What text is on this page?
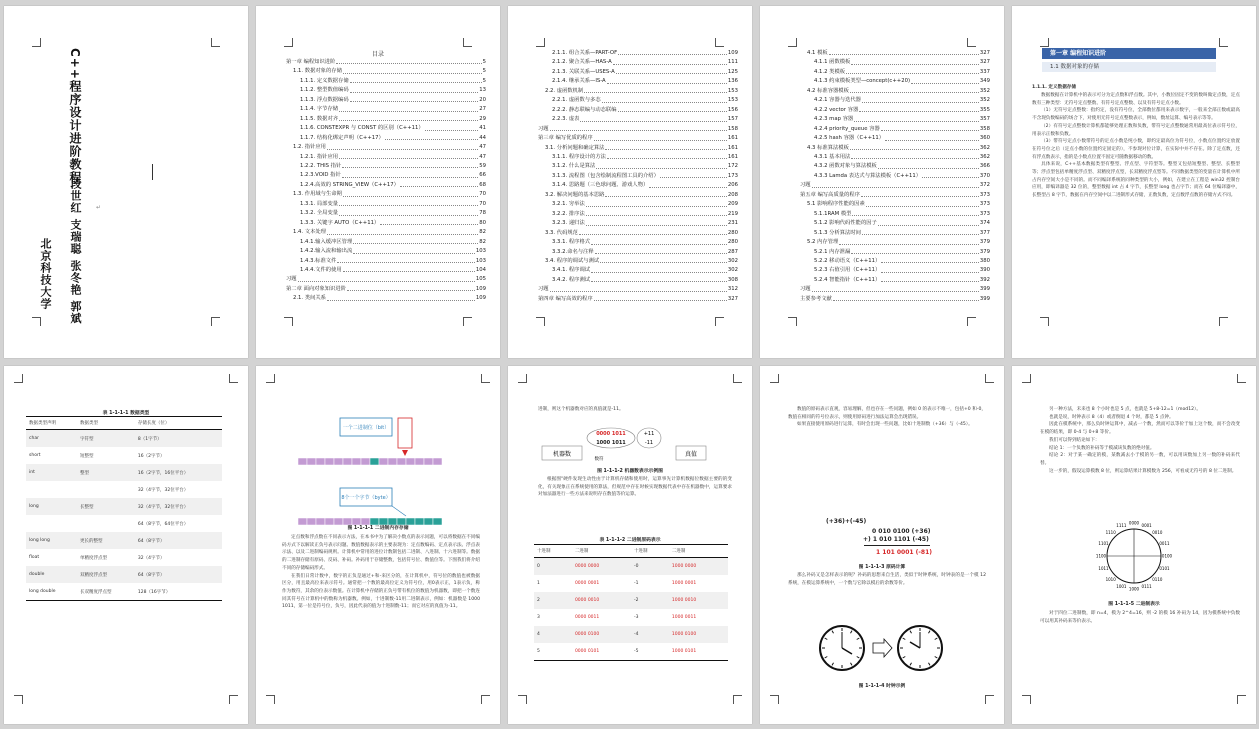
C++程序设计进阶教程
段世红 支瑞聪 张冬艳 郭斌
北京科技大学
↵
目录
第一章 编程知识进阶	5
1.1. 数据对象的存储	5
1.1.1. 定义数据存储	5
1.1.2. 整型数值编码	13
1.1.3. 浮点数据编码	20
1.1.4. 字节存储	27
1.1.5. 数据对齐	29
1.1.6. CONSTEXPR 与 CONST 的区别（C++11）	41
1.1.7. 结构化绑定声明（C++17）	44
1.2. 指针应用	47
1.2.1. 指针应用	47
1.2.2. THIS 指针	59
1.2.3.VOID 指针	66
1.2.4.高效的 STRING_VIEW（C++17）	68
1.3. 作用域与生命期	70
1.3.1. 局部变量	70
1.3.2. 全局变量	78
1.3.3. 关键字 AUTO（C++11）	80
1.4. 文本处理	82
1.4.1.输入缓冲区管理	82
1.4.2.输入流和输出流	103
1.4.3.标准文件	103
1.4.4.文件的使用	104
习题	105
第二章 面向对象知识进阶	109
2.1. 类间关系	109
2.1.1. 组合关系—PART-OF	109
2.1.2. 聚合关系—HAS-A	111
2.1.3. 关联关系—USES-A	125
2.1.4. 继承关系—IS-A	136
2.2. 虚函数机制	153
2.2.1. 虚函数与多态	153
2.2.2. 静态联编与动态联编	156
2.2.3. 虚表	157
习题	158
第三章 编写优质的程序	161
3.1. 分析问题和确定算法	161
3.1.1. 程序设计的方法	161
3.1.2. 什么是算法	172
3.1.3. 流程图（包含绘制流程图工具的介绍）	173
3.1.4. 思路题（三色球问题、游戏人物）	206
3.2. 解决问题的基本思路	208
3.2.1. 穷举法	209
3.2.2. 排序法	219
3.2.3. 递归法	231
3.3. 代码规范	280
3.3.1. 程序格式	280
3.3.2.命名与注释	287
3.4. 程序的调试与测试	302
3.4.1. 程序调试	302
3.4.2. 程序测试	308
习题	312
第四章 编写高效的程序	327
4.1 模板	327
4.1.1 函数模板	327
4.1.2 类模板	337
4.1.3 约束模板类型—concept(c++20)	349
4.2 标准容器模板	352
4.2.1 容器与迭代器	352
4.2.2 vector 容器	355
4.2.3 map 容器	357
4.2.4 priority_queue 容器	358
4.2.5 hash 容器（C++11）	360
4.3 标准算法模板	362
4.3.1 基本用法	362
4.3.2 函数对象与算法模板	366
4.3.3 Lamda 表达式与算法模板（C++11）	370
习题	372
第五章 编写高质量的程序	373
5.1 影响程序性能的因素	373
5.1.1RAM 模型	373
5.1.2 影响代码性能的因子	374
5.1.3 分析算法时间	377
5.2 内存管理	379
5.2.1 内存泄漏	379
5.2.2 移动语义（C++11）	380
5.2.3 右值引用（C++11）	390
5.2.4 智能指针（C++11）	392
习题	399
主要参考文献	399
第一章 编程知识进阶
1.1 数据对象的存储
1.1.1. 定义数据存储

数据数据在计算机中的表示可分为定点数和浮点数。其中，小数位固定不变的数叫做定点数，定点数有三种类型：无符号定点整数、有符号定点整数、以及有符号定点小数。

（1）无符号定点整数：指约定，没有符号位，全部数位都用来表示数字，一般来全部正数或最高不含现负数编码的场合下，对使用无符号定点整数表示，例如，数址运算、编号表示等等。

（2）有符号定点整数计算机都能够处理正数和负数，带符号定点整数通常用最高位表示符号位，用表示正数和负数。

（3）带符号定点小数带符号的定点小数是纯小数，即约定最高位为符号位，小数点位置约定放置在符号位之后（定点小数的位置约定固定的），不参现对位计算，在实际中并不存在。除了定点数，还有浮点数表示，指的是小数点位置不固定可随数据移动的数。

具体来说，C++基本数据类型有整型、浮点型、字符型等。整型又包括短整型、整型、长整型等；浮点型包括单精度浮点型、双精度浮点型，长双精度浮点型等。不同数据类型的变量在计算机中所占内存空间大小是不同的。而不同编译系统的同种类型的大小，例如，在建立在工程是 win32 控制台应用，即编译器是 32 位的，整型数据 int 占 4 字节，长整型 long 也占字节；而在 64 位编译器中，长整型占 8 字节，数据在内存空间中以二进制形式存储，正数负数，定点数浮点数的存储方式不同。

表 1-1-1-1 数据类型
数据类型声明	数据类型	存储长度（位）
char	字符型	8（1字节）
short	短整型	16（2字节）
int	整型	16（2字节，16位平台）
		32（4字节，32位平台）
long	长整型	32（4字节，32位平台）
		64（8字节，64位平台）
long long	更长的整型	64（8字节）
float	单精度浮点型	32（4字节）
double	双精度浮点型	64（8字节）
long double	长双精度浮点型	128（16字节）
一个二进制位（bit）
8个一个字节（byte）
图 1-1-1-1 二进制内存存储

定点数和浮点数在不同表示方法，在本书中为了解决小数点的表示问题，可以将数据在不同编码方式下以解读正负号表示问题。数值数据表示的主要表现为：定点数编码、定点表示法、浮点表示法、以及二进制编码规则。计算机中常用的进位计数制包括二进制、八进制、十六进制等。数据的二进制存储有原码、反码、补码。补码用于存储整数，包括符号位、数值位等。下图我们将介绍不同的存储编码形式。

在我们日常计数中，数字的正负是通过+和-来区分的，在计算机中，符号位的数值也被数据区分，用且最高位来表示符号。通常把一个数的最高位定义为符号位，用0表示正，1表示负，称作为数符，其余的位表示数值。在计算机中存储的正负号带有机位的数值为机器数，即把一个数连同其符号在计算机中的数称为机器数。例如，十进制数-11用二进制表示，例如：机器数是 1000 1011，第一位是符号位，负号，因此代表的值为十进制数-11；而它对应的真值为-11。

进制，则这个机器数对应的真值就是-11。
机器数
0000 1011
1000 1011
数符
+11
-11
真值
图 1-1-1-2 机器数表示示例图

根据图"硬件发现生动性由于计算机存储和使用时，运算事先计算机数据位数据主要的的变化，有关现象正在系统使用的算法，但规范中存在时候实现数据代表中存在机器数中，运算要求对加法器进行一些方法来说明存在数值等价运算。

表 1-1-1-2 二进制原码表示
十进制	二进制	十进制	二进制
0	0000 0000	-0	1000 0000
1	0000 0001	-1	1000 0001
2	0000 0010	-2	1000 0010
3	0000 0011	-3	1000 0011
4	0000 0100	-4	1000 0100
5	0000 0101	-5	1000 0101

数值的原码表示直观，容易理解，但也存在一些问题，例如 0 的表示不唯一，包括+0 和-0，数值在相同的符号位表示，则使用原码进行加法运算会出现错误。

如果直接使用原码进行运算，有时会出现一些问题，比如十进制数（+36）与（-45）。

(+36)+(-45)
0 010 0100 (+36)
+) 1 010 1101 (-45)
1 101 0001 (-81)
图 1-1-1-3 原码计算
那么补码又是怎样表示的呢？补码的思想来自生活，类似于时钟系统，时钟表的是一个模 12 系统，在模运算系统中，一个数与它除以模后的余数等价。
图 1-1-1-4 时钟示例

另一种方法，未来也 8 个小时也是 5 点，也就是 5+8-12=1（mod12）。

也就是说，时钟表示 8（4）或者倒退 4 个时，都是 5 点钟。

因此在模系统中，那么负时钟运算中，减去一个数，然而可以等价于加上这个数，而不会改变在模的结果，即 0-4 与 0+8 等价。

我们可以得到结论如下：

结论 1：一个负数的补码等于模减该负数的绝对值。

结论 2：对于某一确定的模，某数减去小于模的另一数，可以用该数加上另一数的补码来代替。

这一步的，假设运算模数 8 位，则运算结果计算模数为 256，可看成无符号的 8 位二进制。

0000
0001
0010
0011
0100
0101
0110
0111
1000
1001
1010
1011
1100
1101
1110
1111
图 1-1-1-5 二进制表示
对于四位二进制数，即 n=4，模为 2^4=16，则 -2 的模 16 补码为 14，因为模系统中负数可以用其补码来等价表示。
